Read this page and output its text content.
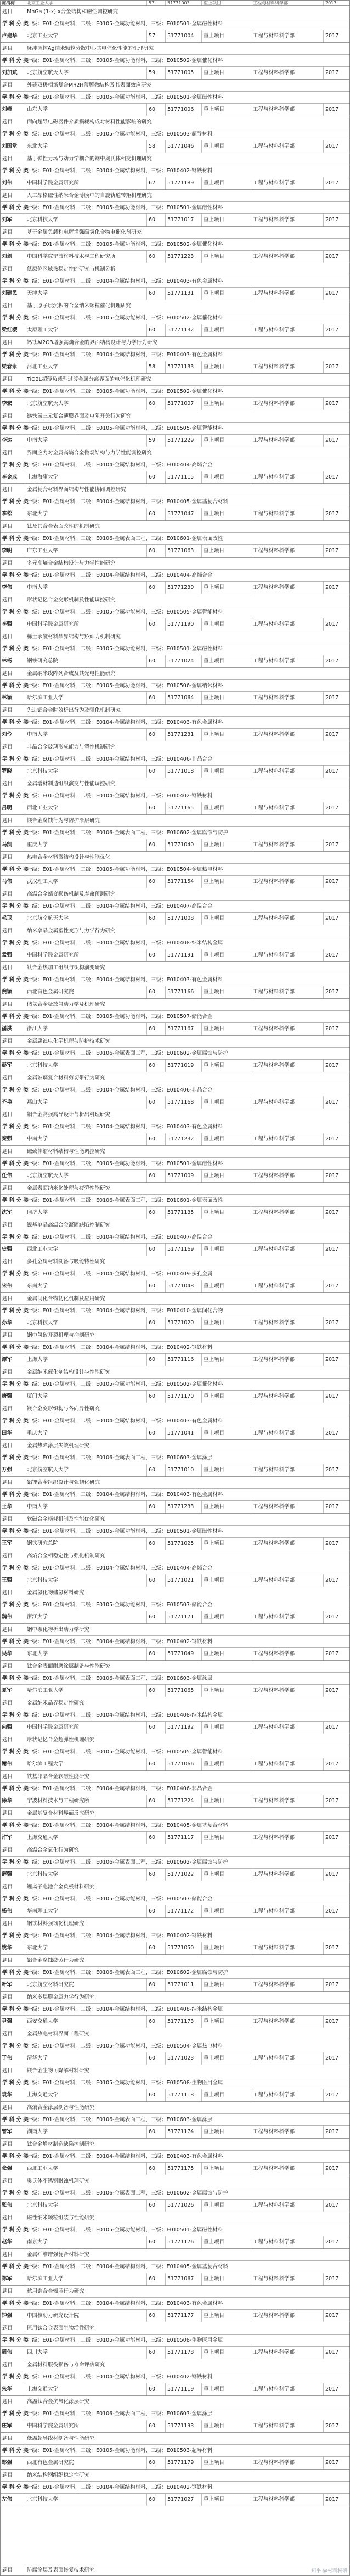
陈清梅	北京工业大学	57	51771003	重上项目	工程与材料科学部	2017
题目	MnGa (1-x) x合金结构和磁性调控研究
学 科 分 类
一级：E01-金属材料，二级：E0105-金属功能材料，三级：E010501-金属磁性材料
卢建华	北京工业大学	57	51771004	重上项目	工程与材料科学部	2017
题目	脉冲调控Ag纳米颗粒分散中心其电催化性能的机理研究
学 科 分 类
一级：E01-金属材料，二级：E0105-金属功能材料，三级：E010502-金属催化材料
刘加斌	北京航空航天大学	59	51771005	重上项目	工程与材料科学部	2017
题目	外延双极相场复合Mn2H薄膜微结构及其表面效应研究
学 科 分 类
一级：E01-金属材料，二级：E0105-金属功能材料，三级：E010501-金属磁性材料
刘峰	山东大学	60	51771006	重上项目	工程与材料科学部	2017
题目	面向超导电磁器件介质损耗构成对材料性能影响的研究
学 科 分 类
一级：E01-金属材料，二级：E0105-金属功能材料，三级：E010503-超导材料
刘国堂	东北大学	58	51771046	重上项目	工程与材料科学部	2017
题目	基于弹性力场与动力学耦合的钢中奥氏体相变机理研究
学 科 分 类
一级：E01-金属材料，二级：E0104-金属结构材料，三级：E010402-钢铁材料
刘伟	中国科学院金属研究所	62	51771189	重上项目	工程与材料科学部	2017
题目	人工晶格磁性纳米合金薄膜中的自旋轨道转矩机理研究
学 科 分 类
一级：E01-金属材料，二级：E0105-金属功能材料，三级：E010501-金属磁性材料
刘军	北京科技大学	60	51771017	重上项目	工程与材料科学部	2017
题目	基于金属负载和电解增强碳氢化合物电催化剂研究
学 科 分 类
一级：E01-金属材料，二级：E0105-金属功能材料，三级：E010502-金属催化材料
刘剑	中国科学院宁波材料技术与工程研究所	60	51771223	重上项目	工程与材料科学部	2017
题目	低原位区域热稳定性的研究与机制分析
学 科 分 类
一级：E01-金属材料，二级：E0104-金属结构材料，三级：E010403-有色金属材料
刘建民	天津大学	60	51771131	重上项目	工程与材料科学部	2017
题目	基于原子层沉积的合金纳米颗粒催化机理研究
学 科 分 类
一级：E01-金属材料，二级：E0105-金属功能材料，三级：E010502-金属催化材料
梁红樱	太原理工大学	60	51771132	重上项目	工程与材料科学部	2017
题目	钙钛Al2O3增强高熵合金的界面结构设计与力学行为研究
学 科 分 类
一级：E01-金属材料，二级：E0104-金属结构材料，三级：E010403-有色金属材料
梁春永	河北工业大学	58	51771133	重上项目	工程与材料科学部	2017
题目	TiO2L超薄负载型过渡金属分离界面的电催化机理研究
学 科 分 类
一级：E01-金属材料，二级：E0105-金属功能材料，三级：E010502-金属催化材料
李宏	北京航空航天大学	60	51771007	重上项目	工程与材料科学部	2017
题目	镁铁氧三元复合薄膜界面及电阻开关行为研究
学 科 分 类
一级：E01-金属材料，二级：E0105-金属功能材料，三级：E010505-金属智能材料
李达	中南大学	59	51771229	重上项目	工程与材料科学部	2017
题目	界面应力对金属高熵合金微观结构与力学性能调控研究
学 科 分 类
一级：E01-金属材料，二级：E0104-金属结构材料，三级：E010404-高熵合金
李金成	上海海事大学	60	51771115	重上项目	工程与材料科学部	2017
题目	金属复合材料界面结构与性能协同调控研究
学 科 分 类
一级：E01-金属材料，二级：E0104-金属结构材料，三级：E010405-金属基复合材料
李松	东北大学	60	51771047	重上项目	工程与材料科学部	2017
题目	钛及其合金表面改性的机制研究
学 科 分 类
一级：E01-金属材料，二级：E0106-金属表面工程，三级：E010601-金属表面改性
李明	广东工业大学	60	51771063	重上项目	工程与材料科学部	2017
题目	多元高熵合金结构设计与力学性能研究
学 科 分 类
一级：E01-金属材料，二级：E0104-金属结构材料，三级：E010404-高熵合金
李伟	中南大学	60	51771230	重上项目	工程与材料科学部	2017
题目	形状记忆合金变形机制及性能调控研究
学 科 分 类
一级：E01-金属材料，二级：E0105-金属功能材料，三级：E010505-金属智能材料
李强	中国科学院金属研究所	60	51771190	重上项目	工程与材料科学部	2017
题目	稀土永磁材料晶界结构与矫顽力机制研究
学 科 分 类
一级：E01-金属材料，二级：E0105-金属功能材料，三级：E010501-金属磁性材料
林杨	钢铁研究总院	60	51771024	重上项目	工程与材料科学部	2017
题目	金属纳米线阵列合成及其光电性能研究
学 科 分 类
一级：E01-金属材料，二级：E0105-金属功能材料，三级：E010506-金属纳米材料
林颖	哈尔滨工业大学	60	51771064	重上项目	工程与材料科学部	2017
题目	先进铝合金时效析出行为及强化机制研究
学 科 分 类
一级：E01-金属材料，二级：E0104-金属结构材料，三级：E010403-有色金属材料
刘伶	中南大学	60	51771231	重上项目	工程与材料科学部	2017
题目	非晶合金玻璃形成能力与塑性机制研究
学 科 分 类
一级：E01-金属材料，二级：E0104-金属结构材料，三级：E010406-非晶合金
罗晓	北京科技大学	60	51771018	重上项目	工程与材料科学部	2017
题目	金属增材制造组织演变与性能调控研究
学 科 分 类
一级：E01-金属材料，二级：E0104-金属结构材料，三级：E010402-钢铁材料
吕明	西北工业大学	60	51771165	重上项目	工程与材料科学部	2017
题目	镁合金腐蚀行为与防护涂层研究
学 科 分 类
一级：E01-金属材料，二级：E0106-金属表面工程，三级：E010602-金属腐蚀与防护
马凯	重庆大学	60	51771040	重上项目	工程与材料科学部	2017
题目	热电合金材料微结构设计与性能优化
学 科 分 类
一级：E01-金属材料，二级：E0105-金属功能材料，三级：E010504-金属热电材料
马伟	武汉理工大学	60	51771154	重上项目	工程与材料科学部	2017
题目	高温合金蠕变损伤机制及寿命预测研究
学 科 分 类
一级：E01-金属材料，二级：E0104-金属结构材料，三级：E010407-高温合金
毛卫	北京航空航天大学	60	51771008	重上项目	工程与材料科学部	2017
题目	纳米孪晶金属塑性变形与力学行为研究
学 科 分 类
一级：E01-金属材料，二级：E0104-金属结构材料，三级：E010408-纳米结构金属
孟强	中国科学院金属研究所	60	51771191	重上项目	工程与材料科学部	2017
题目	钛合金热加工组织与织构演变研究
学 科 分 类
一级：E01-金属材料，二级：E0104-金属结构材料，三级：E010403-有色金属材料
倪颖	西北有色金属研究院	60	51771166	重上项目	工程与材料科学部	2017
题目	储氢合金吸放氢动力学及机理研究
学 科 分 类
一级：E01-金属材料，二级：E0105-金属功能材料，三级：E010507-储能合金
潘洪	浙江大学	60	51771167	重上项目	工程与材料科学部	2017
题目	金属腐蚀电化学机理与防护技术研究
学 科 分 类
一级：E01-金属材料，二级：E0106-金属表面工程，三级：E010602-金属腐蚀与防护
彭军	北京科技大学	60	51771019	重上项目	工程与材料科学部	2017
题目	金属玻璃复合材料剪切带行为研究
学 科 分 类
一级：E01-金属材料，二级：E0104-金属结构材料，三级：E010406-非晶合金
齐艳	燕山大学	60	51771168	重上项目	工程与材料科学部	2017
题目	铜合金高强高导设计与析出机理研究
学 科 分 类
一级：E01-金属材料，二级：E0104-金属结构材料，三级：E010403-有色金属材料
秦强	中南大学	60	51771232	重上项目	工程与材料科学部	2017
题目	磁致伸缩材料结构与性能调控研究
学 科 分 类
一级：E01-金属材料，二级：E0105-金属功能材料，三级：E010501-金属磁性材料
任伟	北京航空航天大学	60	51771009	重上项目	工程与材料科学部	2017
题目	金属表面纳米化处理与疲劳性能研究
学 科 分 类
一级：E01-金属材料，二级：E0106-金属表面工程，三级：E010601-金属表面改性
沈军	同济大学	60	51771135	重上项目	工程与材料科学部	2017
题目	镍基单晶高温合金凝固缺陷控制研究
学 科 分 类
一级：E01-金属材料，二级：E0104-金属结构材料，三级：E010407-高温合金
史强	西北工业大学	60	51771169	重上项目	工程与材料科学部	2017
题目	多孔金属材料制备与吸能特性研究
学 科 分 类
一级：E01-金属材料，二级：E0104-金属结构材料，三级：E010409-多孔金属
宋伟	东南大学	60	51771048	重上项目	工程与材料科学部	2017
题目	金属间化合物韧化机制及应用研究
学 科 分 类
一级：E01-金属材料，二级：E0104-金属结构材料，三级：E010410-金属间化合物
孙华	北京科技大学	60	51771020	重上项目	工程与材料科学部	2017
题目	钢中氢致开裂机理与抑制研究
学 科 分 类
一级：E01-金属材料，二级：E0104-金属结构材料，三级：E010402-钢铁材料
谭军	上海大学	60	51771116	重上项目	工程与材料科学部	2017
题目	金属纳米催化剂结构设计与性能研究
学 科 分 类
一级：E01-金属材料，二级：E0105-金属功能材料，三级：E010502-金属催化材料
唐强	厦门大学	60	51771170	重上项目	工程与材料科学部	2017
题目	镁合金变形织构与各向异性研究
学 科 分 类
一级：E01-金属材料，二级：E0104-金属结构材料，三级：E010403-有色金属材料
田华	重庆大学	60	51771041	重上项目	工程与材料科学部	2017
题目	金属热障涂层失效机理研究
学 科 分 类
一级：E01-金属材料，二级：E0106-金属表面工程，三级：E010603-金属涂层
万强	北京航空航天大学	60	51771010	重上项目	工程与材料科学部	2017
题目	铝锂合金组织设计与强韧化研究
学 科 分 类
一级：E01-金属材料，二级：E0104-金属结构材料，三级：E010403-有色金属材料
王华	中南大学	60	51771233	重上项目	工程与材料科学部	2017
题目	软磁合金损耗机制及性能优化研究
学 科 分 类
一级：E01-金属材料，二级：E0105-金属功能材料，三级：E010501-金属磁性材料
王军	钢铁研究总院	60	51771025	重上项目	工程与材料科学部	2017
题目	高熵合金相稳定性与强化机制研究
学 科 分 类
一级：E01-金属材料，二级：E0104-金属结构材料，三级：E010404-高熵合金
王强	北京科技大学	60	51771021	重上项目	工程与材料科学部	2017
题目	金属氢化物储氢材料研究
学 科 分 类
一级：E01-金属材料，二级：E0105-金属功能材料，三级：E010507-储能合金
魏伟	浙江大学	60	51771171	重上项目	工程与材料科学部	2017
题目	钢中碳化物析出动力学研究
学 科 分 类
一级：E01-金属材料，二级：E0104-金属结构材料，三级：E010402-钢铁材料
吴华	东北大学	60	51771049	重上项目	工程与材料科学部	2017
题目	钛合金表面耐磨涂层制备与性能研究
学 科 分 类
一级：E01-金属材料，二级：E0106-金属表面工程，三级：E010603-金属涂层
夏军	哈尔滨工业大学	60	51771065	重上项目	工程与材料科学部	2017
题目	金属纳米晶界稳定性研究
学 科 分 类
一级：E01-金属材料，二级：E0104-金属结构材料，三级：E010408-纳米结构金属
向强	中国科学院金属研究所	60	51771192	重上项目	工程与材料科学部	2017
题目	形状记忆合金超弹性机理研究
学 科 分 类
一级：E01-金属材料，二级：E0105-金属功能材料，三级：E010505-金属智能材料
谢伟	哈尔滨工程大学	60	51771066	重上项目	工程与材料科学部	2017
题目	铁基非晶合金软磁性能研究
学 科 分 类
一级：E01-金属材料，二级：E0104-金属结构材料，三级：E010406-非晶合金
徐华	宁波材料技术与工程研究所	60	51771224	重上项目	工程与材料科学部	2017
题目	金属基复合材料界面反应研究
学 科 分 类
一级：E01-金属材料，二级：E0104-金属结构材料，三级：E010405-金属基复合材料
许军	上海交通大学	60	51771117	重上项目	工程与材料科学部	2017
题目	高温合金氧化行为研究
学 科 分 类
一级：E01-金属材料，二级：E0106-金属表面工程，三级：E010602-金属腐蚀与防护
薛强	北京科技大学	60	51771022	重上项目	工程与材料科学部	2017
题目	锂离子电池合金负极材料研究
学 科 分 类
一级：E01-金属材料，二级：E0105-金属功能材料，三级：E010507-储能合金
杨伟	华南理工大学	60	51771172	重上项目	工程与材料科学部	2017
题目	钢铁材料强韧化机理研究
学 科 分 类
一级：E01-金属材料，二级：E0104-金属结构材料，三级：E010402-钢铁材料
姚华	东北大学	60	51771050	重上项目	工程与材料科学部	2017
题目	铝合金腐蚀疲劳行为研究
学 科 分 类
一级：E01-金属材料，二级：E0106-金属表面工程，三级：E010602-金属腐蚀与防护
叶军	北京航空材料研究院	60	51771011	重上项目	工程与材料科学部	2017
题目	纳米多层膜金属力学行为研究
学 科 分 类
一级：E01-金属材料，二级：E0104-金属结构材料，三级：E010408-纳米结构金属
尹强	西安交通大学	60	51771173	重上项目	工程与材料科学部	2017
题目	金属热电材料界面工程研究
学 科 分 类
一级：E01-金属材料，二级：E0105-金属功能材料，三级：E010504-金属热电材料
于伟	清华大学	60	51771023	重上项目	工程与材料科学部	2017
题目	镁合金生物可降解材料研究
学 科 分 类
一级：E01-金属材料，二级：E0105-金属功能材料，三级：E010508-生物医用金属
袁华	上海交通大学	60	51771118	重上项目	工程与材料科学部	2017
题目	高熵合金涂层制备与性能研究
学 科 分 类
一级：E01-金属材料，二级：E0106-金属表面工程，三级：E010603-金属涂层
曾军	湖南大学	60	51771174	重上项目	工程与材料科学部	2017
题目	钛合金增材制造缺陷控制研究
学 科 分 类
一级：E01-金属材料，二级：E0104-金属结构材料，三级：E010403-有色金属材料
张强	西北工业大学	60	51771175	重上项目	工程与材料科学部	2017
题目	奥氏体不锈钢耐蚀机理研究
学 科 分 类
一级：E01-金属材料，二级：E0106-金属表面工程，三级：E010602-金属腐蚀与防护
张伟	北京科技大学	60	51771026	重上项目	工程与材料科学部	2017
题目	磁性纳米颗粒组装与性能研究
学 科 分 类
一级：E01-金属材料，二级：E0105-金属功能材料，三级：E010501-金属磁性材料
赵华	南京大学	60	51771176	重上项目	工程与材料科学部	2017
题目	金属纤维增强复合材料研究
学 科 分 类
一级：E01-金属材料，二级：E0104-金属结构材料，三级：E010405-金属基复合材料
郑军	哈尔滨工业大学	60	51771067	重上项目	工程与材料科学部	2017
题目	核用锆合金辐照行为研究
学 科 分 类
一级：E01-金属材料，二级：E0104-金属结构材料，三级：E010403-有色金属材料
钟强	中国核动力研究设计院	60	51771177	重上项目	工程与材料科学部	2017
题目	医用钛合金表面生物活性研究
学 科 分 类
一级：E01-金属材料，二级：E0105-金属功能材料，三级：E010508-生物医用金属
周伟	四川大学	60	51771178	重上项目	工程与材料科学部	2017
题目	金属材料服役损伤与寿命评估研究
学 科 分 类
一级：E01-金属材料，二级：E0104-金属结构材料，三级：E010402-钢铁材料
朱华	上海交通大学	60	51771119	重上项目	工程与材料科学部	2017
题目	高温钛合金抗氧化涂层研究
学 科 分 类
一级：E01-金属材料，二级：E0106-金属表面工程，三级：E010603-金属涂层
庄军	中国科学院金属研究所	60	51771193	重上项目	工程与材料科学部	2017
题目	低温超导线材制备与性能研究
学 科 分 类
一级：E01-金属材料，二级：E0105-金属功能材料，三级：E010503-超导材料
邹强	西北有色金属研究院	60	51771179	重上项目	工程与材料科学部	2017
题目	纳米结构钢组织稳定性研究
学 科 分 类
一级：E01-金属材料，二级：E0104-金属结构材料，三级：E010402-钢铁材料
左伟	北京科技大学	60	51771027	重上项目	工程与材料科学部	2017
题目	防腐涂层及表面修复技术研究	知乎 @材料科研
